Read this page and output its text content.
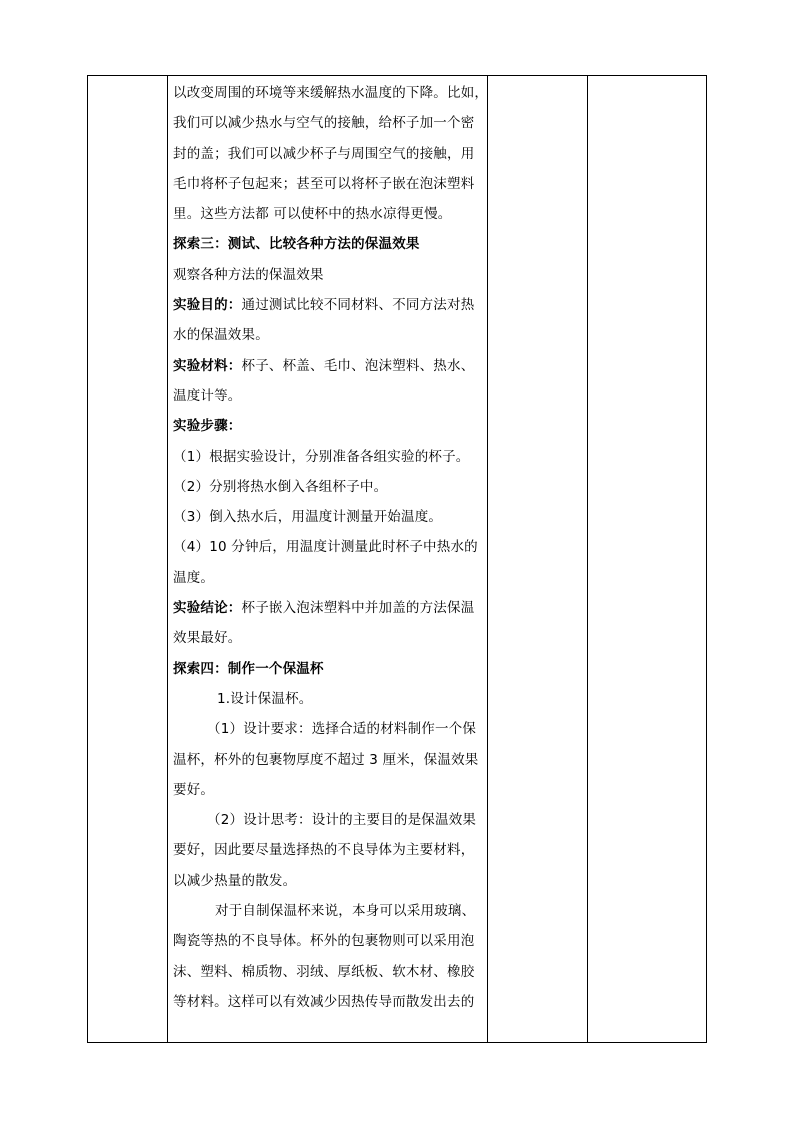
以改变周围的环境等来缓解热水温度的下降。比如，
我们可以减少热水与空气的接触，给杯子加一个密
封的盖；我们可以减少杯子与周围空气的接触，用
毛巾将杯子包起来；甚至可以将杯子嵌在泡沫塑料
里。这些方法都 可以使杯中的热水凉得更慢。
探索三：测试、比较各种方法的保温效果
观察各种方法的保温效果
实验目的：通过测试比较不同材料、不同方法对热
水的保温效果。
实验材料：杯子、杯盖、毛巾、泡沫塑料、热水、
温度计等。
实验步骤：
（1）根据实验设计，分别准备各组实验的杯子。
（2）分别将热水倒入各组杯子中。
（3）倒入热水后，用温度计测量开始温度。
（4）10 分钟后，用温度计测量此时杯子中热水的
温度。
实验结论：杯子嵌入泡沫塑料中并加盖的方法保温
效果最好。
探索四：制作一个保温杯
1.设计保温杯。
（1）设计要求：选择合适的材料制作一个保
温杯，杯外的包裹物厚度不超过 3 厘米，保温效果
要好。
（2）设计思考：设计的主要目的是保温效果
要好，因此要尽量选择热的不良导体为主要材料，
以减少热量的散发。
对于自制保温杯来说，本身可以采用玻璃、
陶瓷等热的不良导体。杯外的包裹物则可以采用泡
沫、塑料、棉质物、羽绒、厚纸板、软木材、橡胶
等材料。这样可以有效减少因热传导而散发出去的
